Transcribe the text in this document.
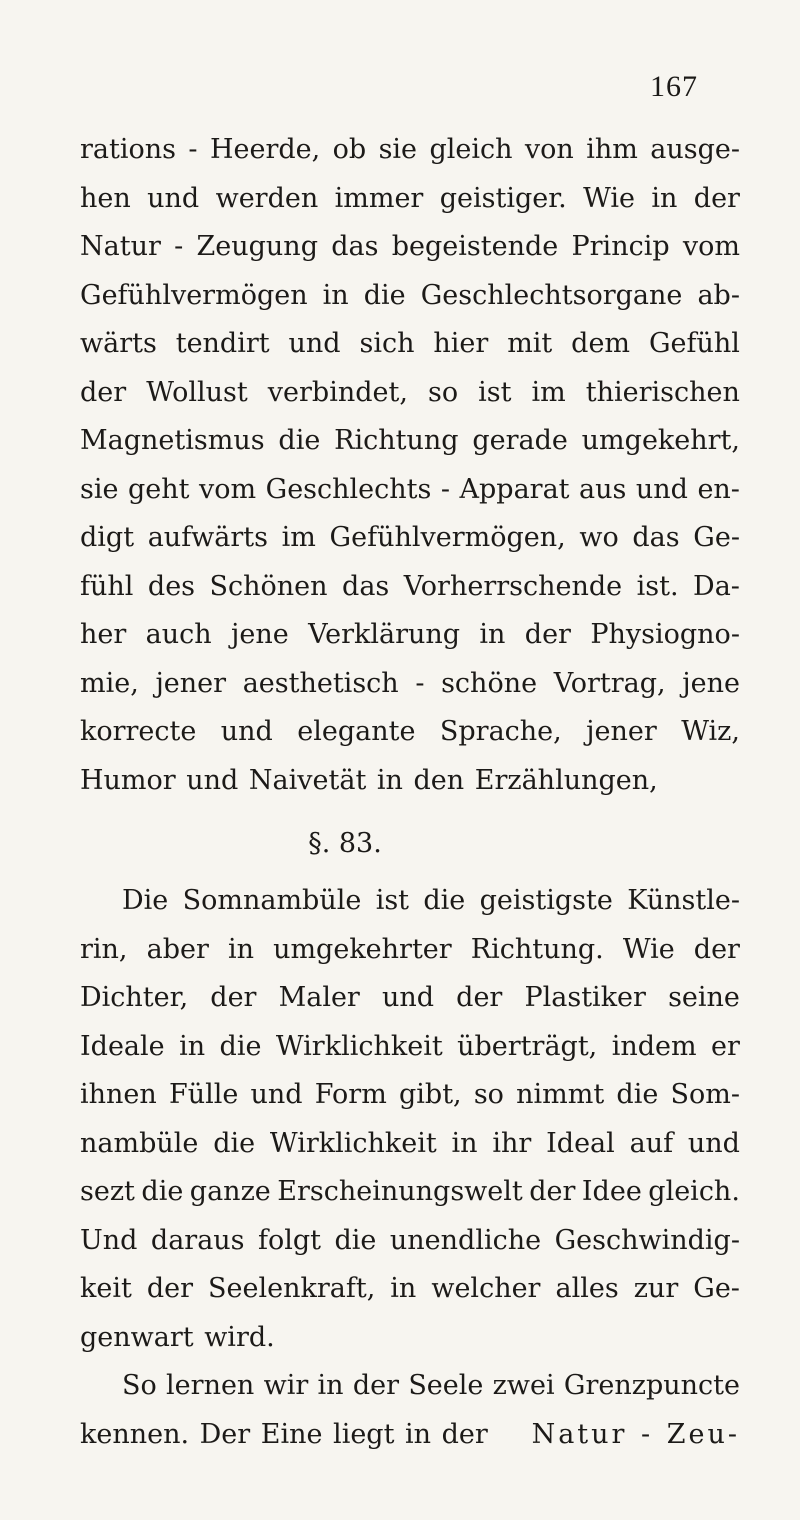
167
rations - Heerde, ob sie gleich von ihm ausge-
hen und werden immer geistiger. Wie in der
Natur - Zeugung das begeistende Princip vom
Gefühlvermögen in die Geschlechtsorgane ab-
wärts tendirt und sich hier mit dem Gefühl
der Wollust verbindet, so ist im thierischen
Magnetismus die Richtung gerade umgekehrt,
sie geht vom Geschlechts - Apparat aus und en-
digt aufwärts im Gefühlvermögen, wo das Ge-
fühl des Schönen das Vorherrschende ist. Da-
her auch jene Verklärung in der Physiogno-
mie, jener aesthetisch - schöne Vortrag, jene
korrecte und elegante Sprache, jener Wiz,
Humor und Naivetät in den Erzählungen,
§. 83.
Die Somnambüle ist die geistigste Künstle-
rin, aber in umgekehrter Richtung. Wie der
Dichter, der Maler und der Plastiker seine
Ideale in die Wirklichkeit überträgt, indem er
ihnen Fülle und Form gibt, so nimmt die Som-
nambüle die Wirklichkeit in ihr Ideal auf und
sezt die ganze Erscheinungswelt der Idee gleich.
Und daraus folgt die unendliche Geschwindig-
keit der Seelenkraft, in welcher alles zur Ge-
genwart wird.
So lernen wir in der Seele zwei Grenzpuncte
kennen. Der Eine liegt in der Natur - Zeu-
